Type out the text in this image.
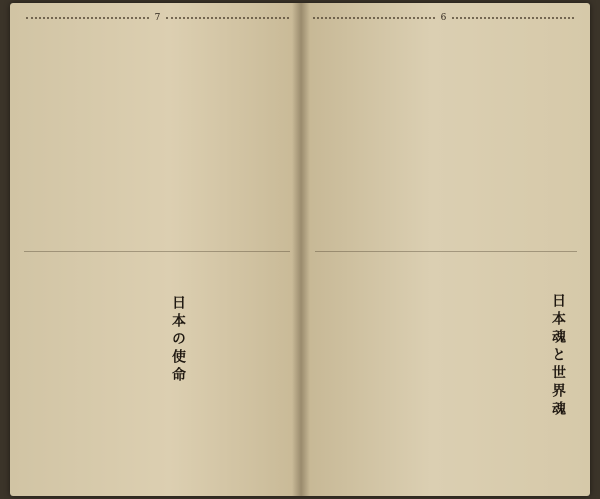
7
日本の使命
6
日本魂と世界魂
